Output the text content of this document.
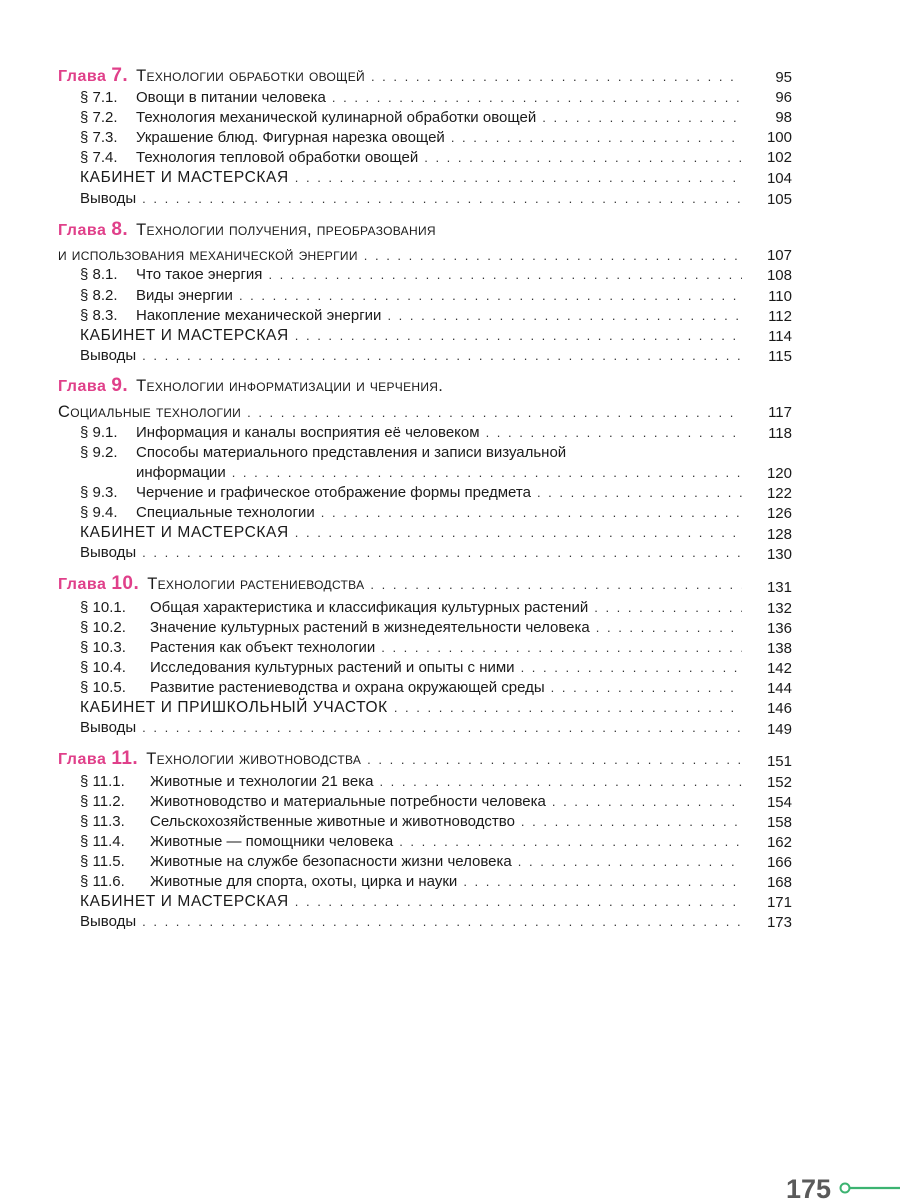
Глава 7. Технологии обработки овощей . . .	95
§ 7.1.	Овощи в питании человека . . .	96
§ 7.2.	Технология механической кулинарной обработки овощей . . .	98
§ 7.3.	Украшение блюд. Фигурная нарезка овощей . . .	100
§ 7.4.	Технология тепловой обработки овощей . . .	102
КАБИНЕТ И МАСТЕРСКАЯ . . .	104
Выводы . . .	105
Глава 8. Технологии получения, преобразования
и использования механической энергии . . .	107
§ 8.1.	Что такое энергия . . .	108
§ 8.2.	Виды энергии . . .	110
§ 8.3.	Накопление механической энергии . . .	112
КАБИНЕТ И МАСТЕРСКАЯ . . .	114
Выводы . . .	115
Глава 9. Технологии информатизации и черчения.
Социальные технологии . . .	117
§ 9.1.	Информация и каналы восприятия её человеком . . .	118
§ 9.2.	Способы материального представления и записи визуальной
информации . . .	120
§ 9.3.	Черчение и графическое отображение формы предмета . . .	122
§ 9.4.	Специальные технологии . . .	126
КАБИНЕТ И МАСТЕРСКАЯ . . .	128
Выводы . . .	130
Глава 10. Технологии растениеводства . . .	131
§ 10.1.	Общая характеристика и классификация культурных растений . . .	132
§ 10.2.	Значение культурных растений в жизнедеятельности человека . . .	136
§ 10.3.	Растения как объект технологии . . .	138
§ 10.4.	Исследования культурных растений и опыты с ними . . .	142
§ 10.5.	Развитие растениеводства и охрана окружающей среды . . .	144
КАБИНЕТ И ПРИШКОЛЬНЫЙ УЧАСТОК . . .	146
Выводы . . .	149
Глава 11. Технологии животноводства . . .	151
§ 11.1.	Животные и технологии 21 века . . .	152
§ 11.2.	Животноводство и материальные потребности человека . . .	154
§ 11.3.	Сельскохозяйственные животные и животноводство . . .	158
§ 11.4.	Животные — помощники человека . . .	162
§ 11.5.	Животные на службе безопасности жизни человека . . .	166
§ 11.6.	Животные для спорта, охоты, цирка и науки . . .	168
КАБИНЕТ И МАСТЕРСКАЯ . . .	171
Выводы . . .	173
175
